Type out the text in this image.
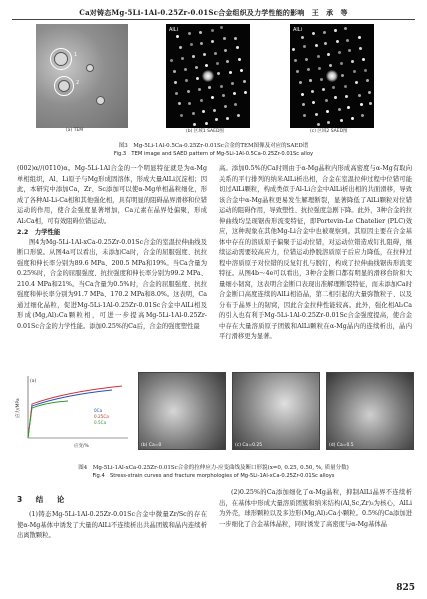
Ca对铸态Mg-5Li-1Al-0.25Zr-0.01Sc合金组织及力学性能的影响　王　承　等
1
2
AlLi	AlLi
(a) TEM	(b) 区域1 SAED图	(c) 区域2 SAED图
图3　Mg-5Li-1Al-0.5Ca-0.25Zr-0.01Sc合金的TEM图像及对应的SAED谱
Fig.3　TEM image and SAED pattern of Mg-5Li-1Al-0.5Ca-0.25Zr-0.01Sc alloy

(002)α//(01̄10)α。Mg-5Li-1Al合金的一个明显特征就是为α-Mg单相组织，Al、Li原子与Mg形成固溶体，形成大量AlLi沉淀相；因此，本研究中添加Ca，Zr、Sc添加可以使α-Mg单相晶粒细化，形成了各种Al-Li-Ca相和其他强化相，具有明显的阻碍晶界滑移和位错运动的作用，使合金强度显著增加，Ca元素在晶界处偏聚，形成Al₂Ca相，可有效阻碍位错运动。

2.2　力学性能

图4为Mg-5Li-1Al-xCa-0.25Zr-0.01Sc合金的室温拉伸曲线及断口形貌。从图4a可以看出，未添加Ca时，合金的屈服强度、抗拉强度和伸长率分别为89.6 MPa、200.5 MPa和19%。当Ca含量为0.25%时，合金的屈服强度、抗拉强度和伸长率分别为99.2 MPa、210.4 MPa和21%。当Ca含量为0.5%时，合金的屈服强度、抗拉强度和伸长率分别为91.7 MPa、170.2 MPa和8.0%。这表明，Ca通过细化晶粒，促进Mg-5Li-1Al-0.25Zr-0.01Sc合金中AlLi相及形成(Mg,Al)₂Ca颗粒相，可进一步提高Mg-5Li-1Al-0.25Zr-0.01Sc合金的力学性能。添加0.25%的Ca后，合金的强度塑性最

高。添加0.5%的Ca时则由于α-Mg晶粒内形成高密度与α-Mg有取向关系的平行排列的纳米AlLi析出相，合金在室温拉伸过程中位错可能切过AlLi颗粒，构成类似于Al-Li合金中AlLi析出相的共面滑移，导致该合金中α-Mg晶粒更易发生解理断裂，显著降低了AlLi颗粒对位错运动的阻碍作用，导致塑性、抗拉强度急剧下降。此外，3种合金的拉伸曲线均呈现锯齿形流变特征，即Portevin-Le Chatelier (PLC)效应，这种现象在其他Mg-Li合金中也被观察到。其原因主要在合金基体中存在的溶质原子偏聚于运动位错，对运动位错造成钉扎阻碍，继续运动需要较高应力，位错运动挣脱溶质原子后应力降低，在拉伸过程中溶质原子对位错的反复钉扎与脱钉，构成了拉伸曲线锯齿形流变特征。从图4b～4e可以看出，3种合金断口都有明显的滑移台阶和大量细小韧窝，这表明合金断口表现出准解理断裂特征，而未添加Ca时合金断口高度连续的AlLi相沿晶，第二相引起的大量弥散粒子、以及分布于晶界上的韧窝，因此合金拉伸性能较高。此外，强化相Al₂Ca的引入也有利于Mg-5Li-1Al-0.25Zr-0.01Sc合金强度提高，使合金中存在大量溶质原子团簇和AlLi颗粒在α-Mg晶内的连续析出，晶内平行滑移更为显著。

应变/%
应力/MPa	0Ca
0.25Ca
0.5Ca
(a)
(b) Ca=0	(c) Ca=0.25	(d) Ca=0.5
图4　Mg-5Li-1Al-xCa-0.25Zr-0.01Sc合金的拉伸应力-应变曲线及断口形貌(x=0, 0.25, 0.50, %, 质量分数)
Fig.4　Stress-strain curves and fracture morphologies of Mg-5Li-1Al-xCa-0.25Zr-0.01Sc alloys
3　结　论

(1)铸态Mg-5Li-1Al-0.25Zr-0.01Sc合金中微量Zr/Sc的存在使α-Mg基体中诱发了大量的AlLi不连续析出共晶团簇和晶内连续析出离散颗粒。

(2)0.25%的Ca添加细化了α-Mg晶粒，抑制AlLi晶界不连续析出，在基体中形成大量溶质团簇和纳米结构(Al,Sc,Zr)₃为核心，AlLi为外壳，球形颗粒以及多边形(Mg,Al)₂Ca小颗粒。0.5%的Ca添加进一步细化了合金基体晶粒，同时诱发了高密度与α-Mg基体晶

825
